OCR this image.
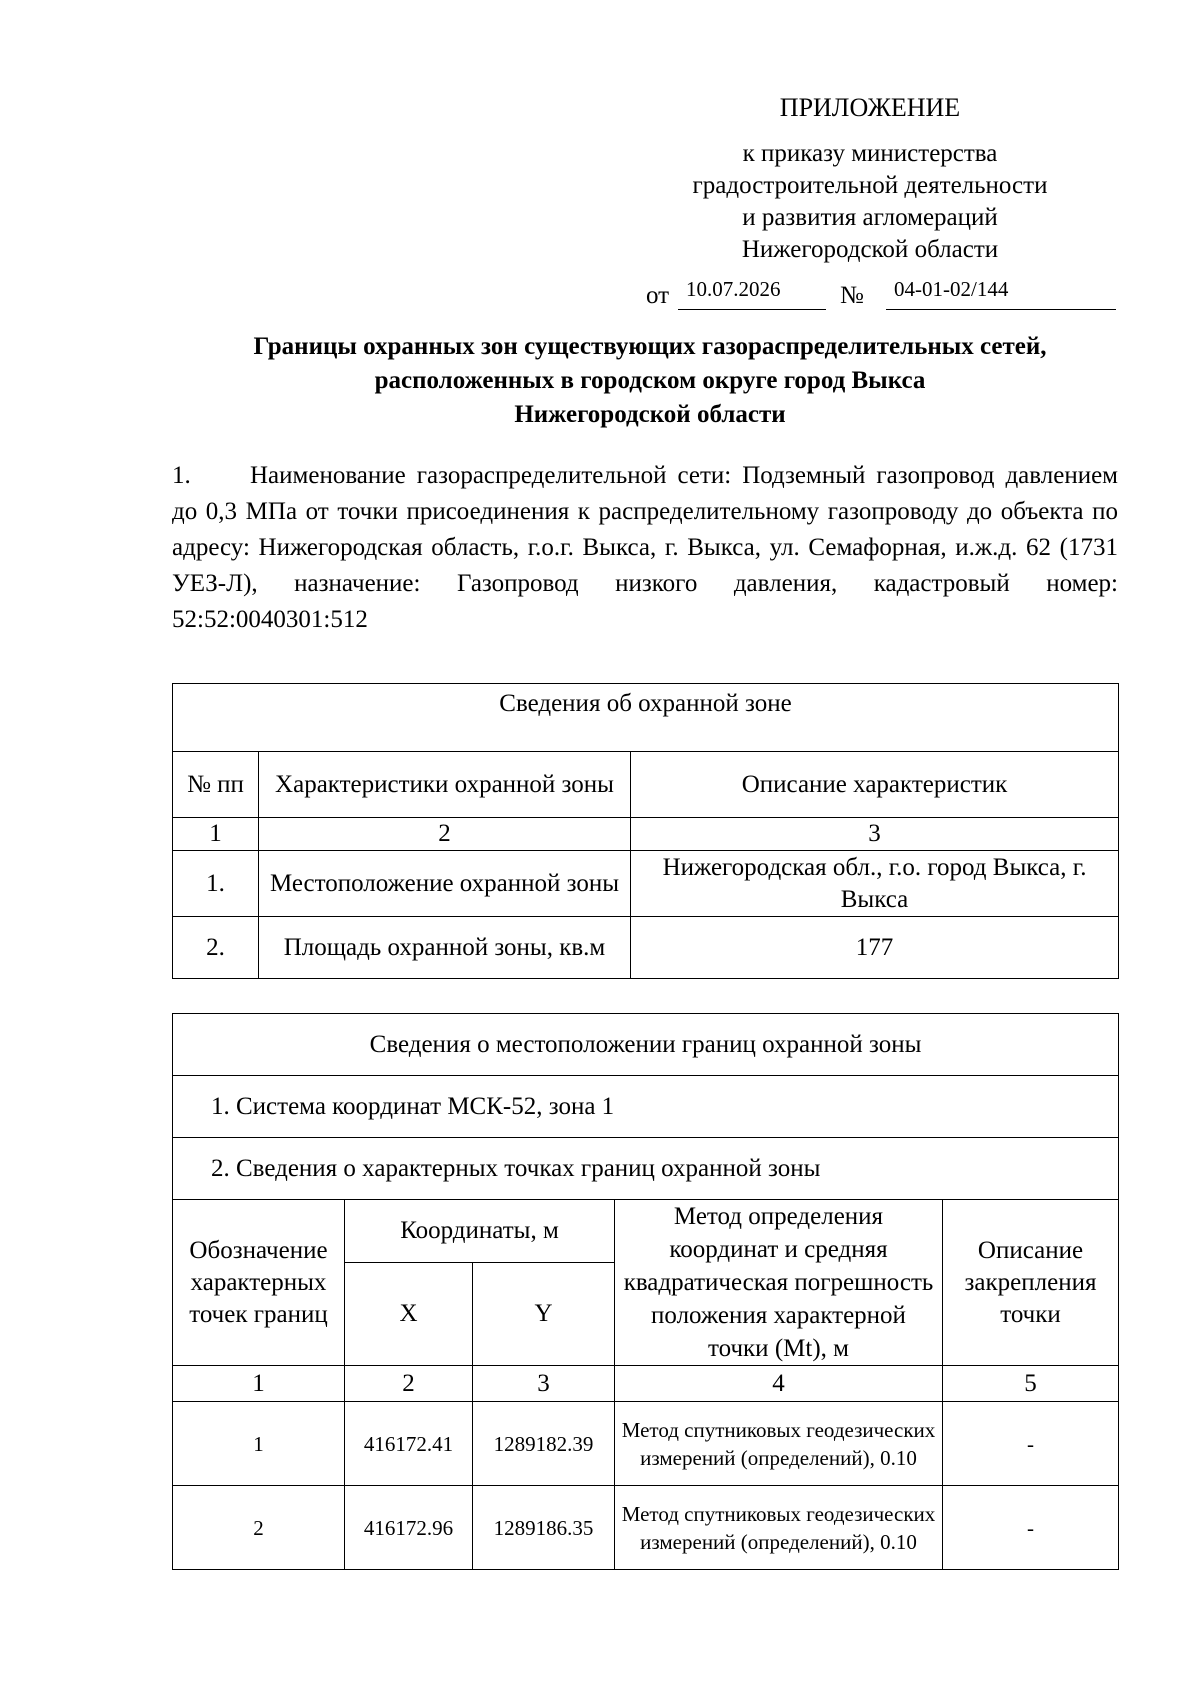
ПРИЛОЖЕНИЕ
к приказу министерства
градостроительной деятельности
и развития агломераций
Нижегородской области
от 10.07.2026	№	04-01-02/144
Границы охранных зон существующих газораспределительных сетей,
расположенных в городском округе город Выкса
Нижегородской области
1. Наименование газораспределительной сети: Подземный газопровод давлением до 0,3 МПа от точки присоединения к распределительному газопроводу до объекта по адресу: Нижегородская область, г.о.г. Выкса, г. Выкса, ул. Семафорная, и.ж.д. 62 (1731 УЕЗ-Л), назначение: Газопровод низкого давления, кадастровый номер: 52:52:0040301:512
Сведения об охранной зоне		
№ пп	Характеристики охранной зоны	Описание характеристик
1	2	3
1.	Местоположение охранной зоны	Нижегородская обл., г.о. город Выкса, г. Выкса
2.	Площадь охранной зоны, кв.м	177
Сведения о местоположении границ охранной зоны				
1. Система координат МСК-52, зона 1				
2. Сведения о характерных точках границ охранной зоны				
Обозначение характерных точек границ	Координаты, м		Метод определения координат и средняя квадратическая погрешность положения характерной точки (Mt), м	Описание закрепления точки
	X	Y		
1	2	3	4	5
1	416172.41	1289182.39	Метод спутниковых геодезических измерений (определений), 0.10	-
2	416172.96	1289186.35	Метод спутниковых геодезических измерений (определений), 0.10	-
